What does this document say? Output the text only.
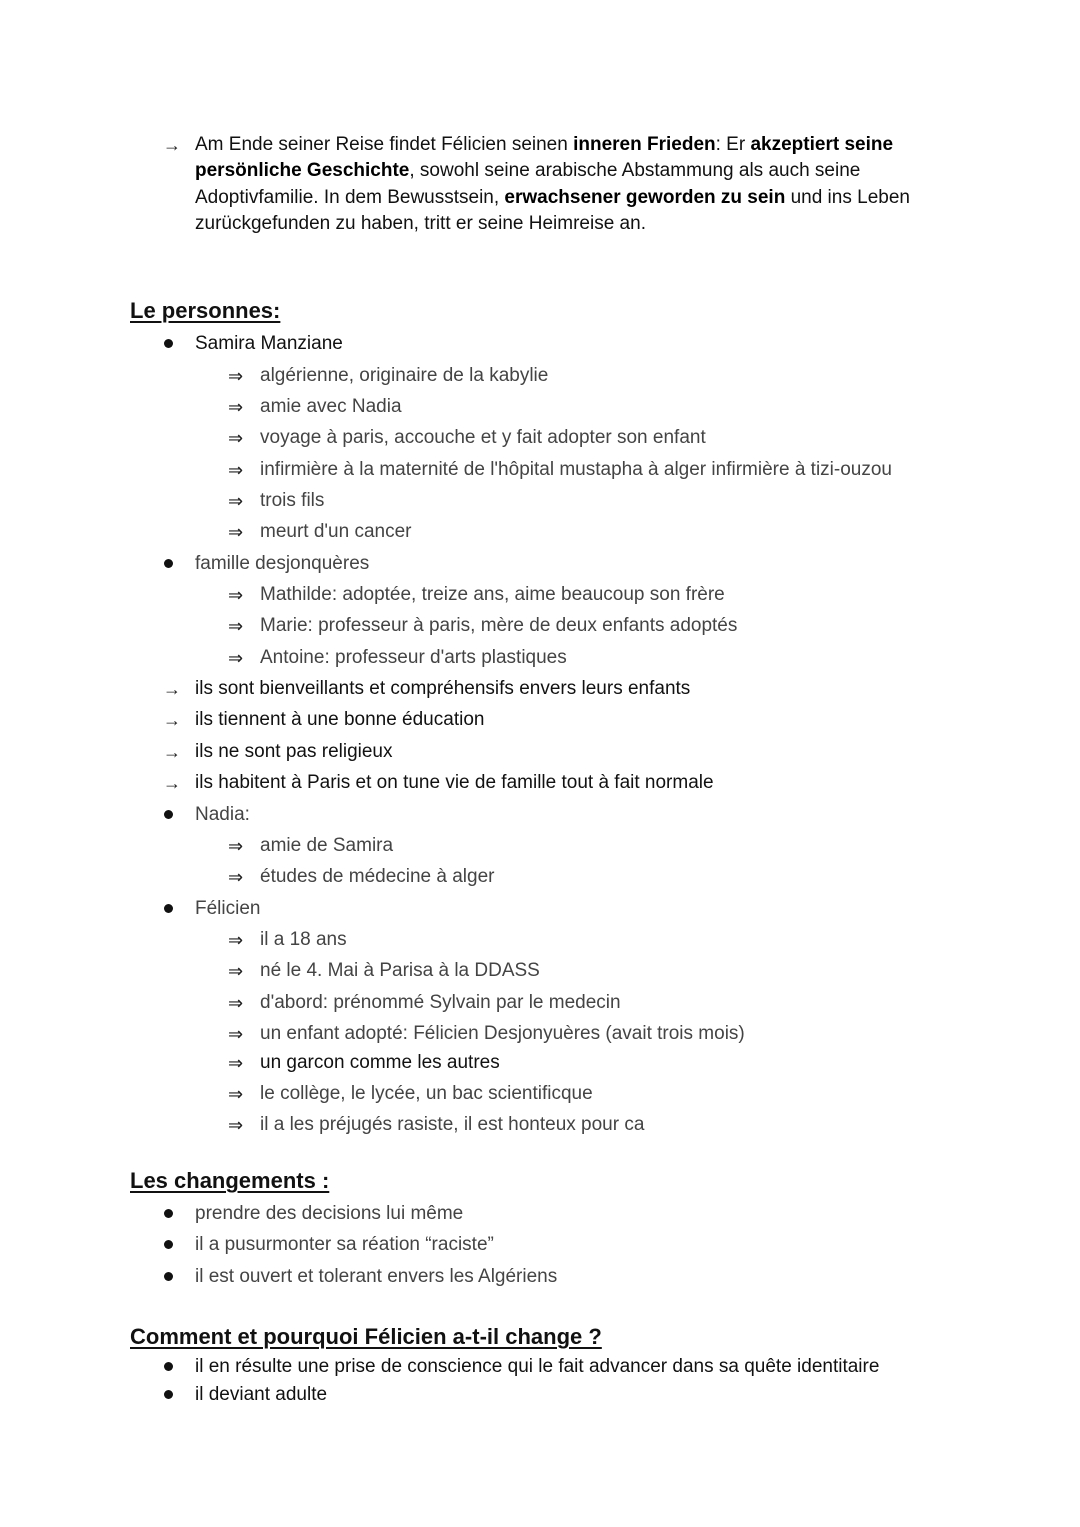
→ Am Ende seiner Reise findet Félicien seinen inneren Frieden: Er akzeptiert seine
persönliche Geschichte, sowohl seine arabische Abstammung als auch seine
Adoptivfamilie. In dem Bewusstsein, erwachsener geworden zu sein und ins Leben
zurückgefunden zu haben, tritt er seine Heimreise an.
Le personnes:
Samira Manziane
⇒ algérienne, originaire de la kabylie
⇒ amie avec Nadia
⇒ voyage à paris, accouche et y fait adopter son enfant
⇒ infirmière à la maternité de l'hôpital mustapha à alger infirmière à tizi-ouzou
⇒ trois fils
⇒ meurt d'un cancer
famille desjonquères
⇒ Mathilde: adoptée, treize ans, aime beaucoup son frère
⇒ Marie: professeur à paris, mère de deux enfants adoptés
⇒ Antoine: professeur d'arts plastiques
→ ils sont bienveillants et compréhensifs envers leurs enfants
→ ils tiennent à une bonne éducation
→ ils ne sont pas religieux
→ ils habitent à Paris et on tune vie de famille tout à fait normale
Nadia:
⇒ amie de Samira
⇒ études de médecine à alger
Félicien
⇒ il a 18 ans
⇒ né le 4. Mai à Parisa à la DDASS
⇒ d'abord: prénommé Sylvain par le medecin
⇒ un enfant adopté: Félicien Desjonyuères (avait trois mois)
⇒ un garcon comme les autres
⇒ le collège, le lycée, un bac scientificque
⇒ il a les préjugés rasiste, il est honteux pour ca
Les changements :
prendre des decisions lui même
il a pusurmonter sa réation “raciste”
il est ouvert et tolerant envers les Algériens
Comment et pourquoi Félicien a-t-il change ?
il en résulte une prise de conscience qui le fait advancer dans sa quête identitaire
il deviant adulte
